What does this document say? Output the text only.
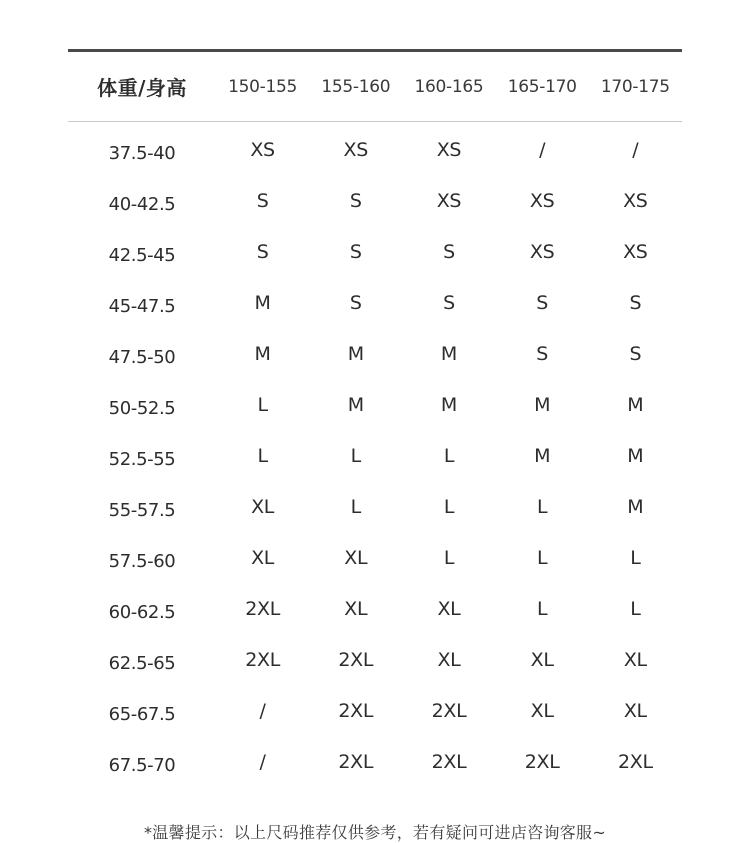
体重/身高	150-155	155-160	160-165	165-170	170-175
37.5-40	XS	XS	XS	/	/
40-42.5	S	S	XS	XS	XS
42.5-45	S	S	S	XS	XS
45-47.5	M	S	S	S	S
47.5-50	M	M	M	S	S
50-52.5	L	M	M	M	M
52.5-55	L	L	L	M	M
55-57.5	XL	L	L	L	M
57.5-60	XL	XL	L	L	L
60-62.5	2XL	XL	XL	L	L
62.5-65	2XL	2XL	XL	XL	XL
65-67.5	/	2XL	2XL	XL	XL
67.5-70	/	2XL	2XL	2XL	2XL
*温馨提示：以上尺码推荐仅供参考，若有疑问可进店咨询客服~
